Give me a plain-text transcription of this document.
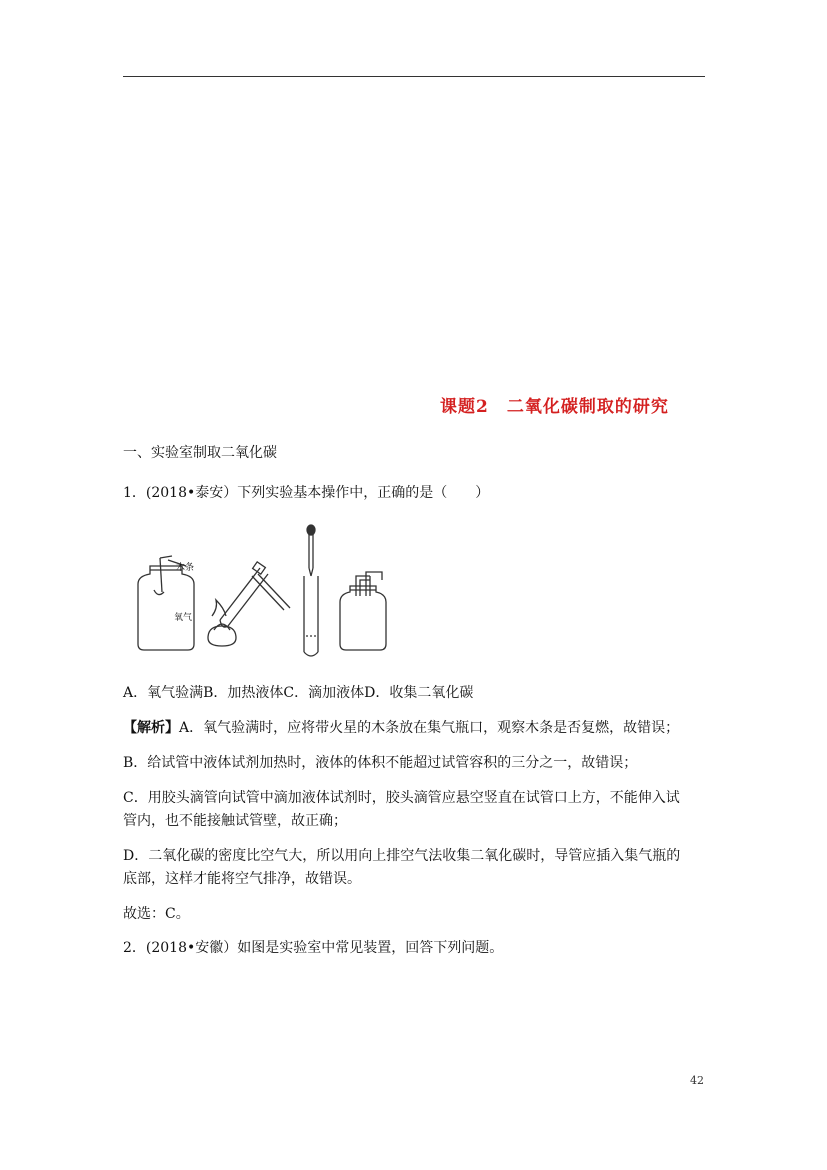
课题2 二氧化碳制取的研究
一、实验室制取二氧化碳
1．(2018•泰安）下列实验基本操作中，正确的是（　　）
木条
氧气
A．氧气验满B．加热液体C．滴加液体D．收集二氧化碳
【解析】A．氧气验满时，应将带火星的木条放在集气瓶口，观察木条是否复燃，故错误；
B．给试管中液体试剂加热时，液体的体积不能超过试管容积的三分之一，故错误；
C．用胶头滴管向试管中滴加液体试剂时，胶头滴管应悬空竖直在试管口上方，不能伸入试
管内，也不能接触试管壁，故正确；
D．二氧化碳的密度比空气大，所以用向上排空气法收集二氧化碳时，导管应插入集气瓶的
底部，这样才能将空气排净，故错误。
故选：C。
2．(2018•安徽）如图是实验室中常见装置，回答下列问题。
42
